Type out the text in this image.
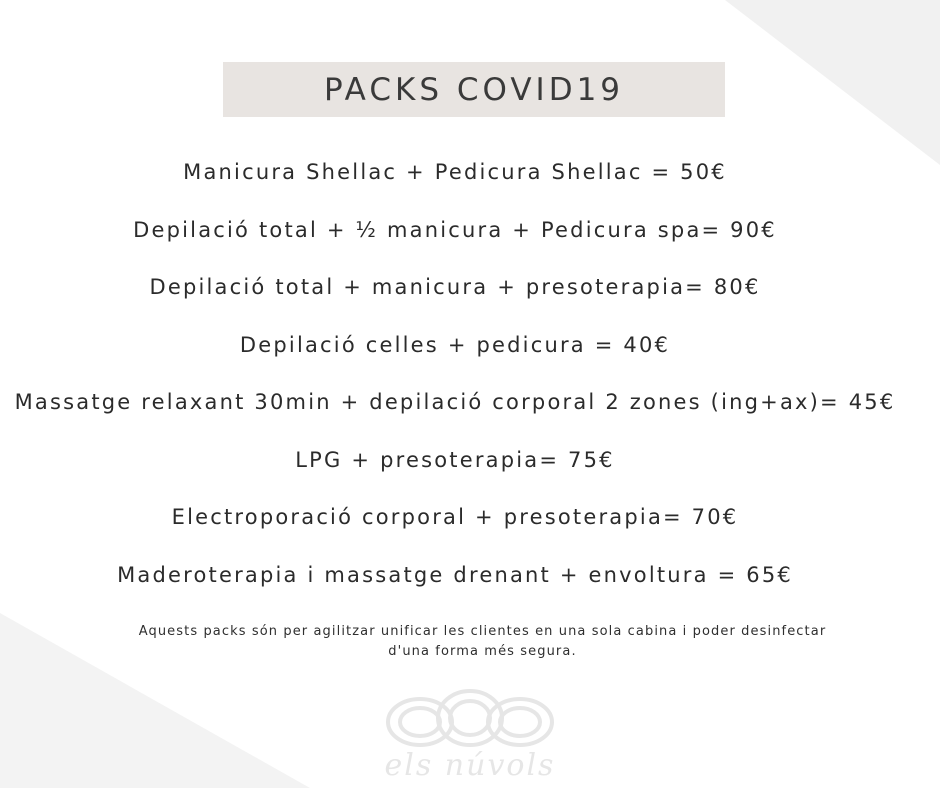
PACKS COVID19
Manicura Shellac + Pedicura Shellac = 50€
Depilació total + ½ manicura + Pedicura spa= 90€
Depilació total + manicura + presoterapia= 80€
Depilació celles + pedicura = 40€
Massatge relaxant 30min + depilació corporal 2 zones (ing+ax)= 45€
LPG + presoterapia= 75€
Electroporació corporal + presoterapia= 70€
Maderoterapia i massatge drenant + envoltura = 65€
Aquests packs són per agilitzar unificar les clientes en una sola cabina i poder desinfectar
d'una forma més segura.
els núvols
